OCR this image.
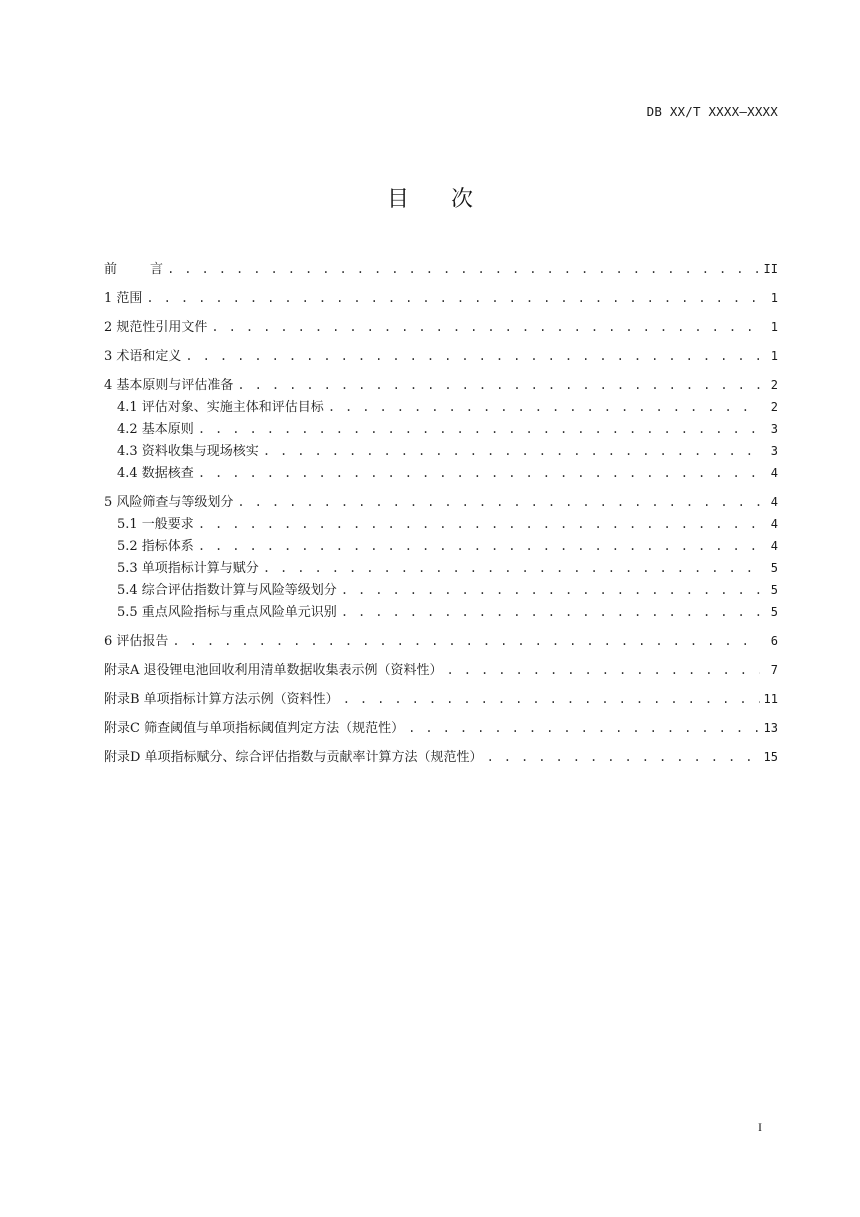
DB XX/T XXXX—XXXX
目次
前        言 . . .	II
1 范围 . . .	1
2 规范性引用文件 . . .	1
3 术语和定义 . . .	1
4 基本原则与评估准备 . . .	2
4.1 评估对象、实施主体和评估目标 . . .	2
4.2 基本原则 . . .	3
4.3 资料收集与现场核实 . . .	3
4.4 数据核查 . . .	4
5 风险筛查与等级划分 . . .	4
5.1 一般要求 . . .	4
5.2 指标体系 . . .	4
5.3 单项指标计算与赋分 . . .	5
5.4 综合评估指数计算与风险等级划分 . . .	5
5.5 重点风险指标与重点风险单元识别 . . .	5
6 评估报告 . . .	6
附录A 退役锂电池回收利用清单数据收集表示例（资料性） . . .	7
附录B 单项指标计算方法示例（资料性） . . .	11
附录C 筛查阈值与单项指标阈值判定方法（规范性） . . .	13
附录D 单项指标赋分、综合评估指数与贡献率计算方法（规范性） . . .	15
I
